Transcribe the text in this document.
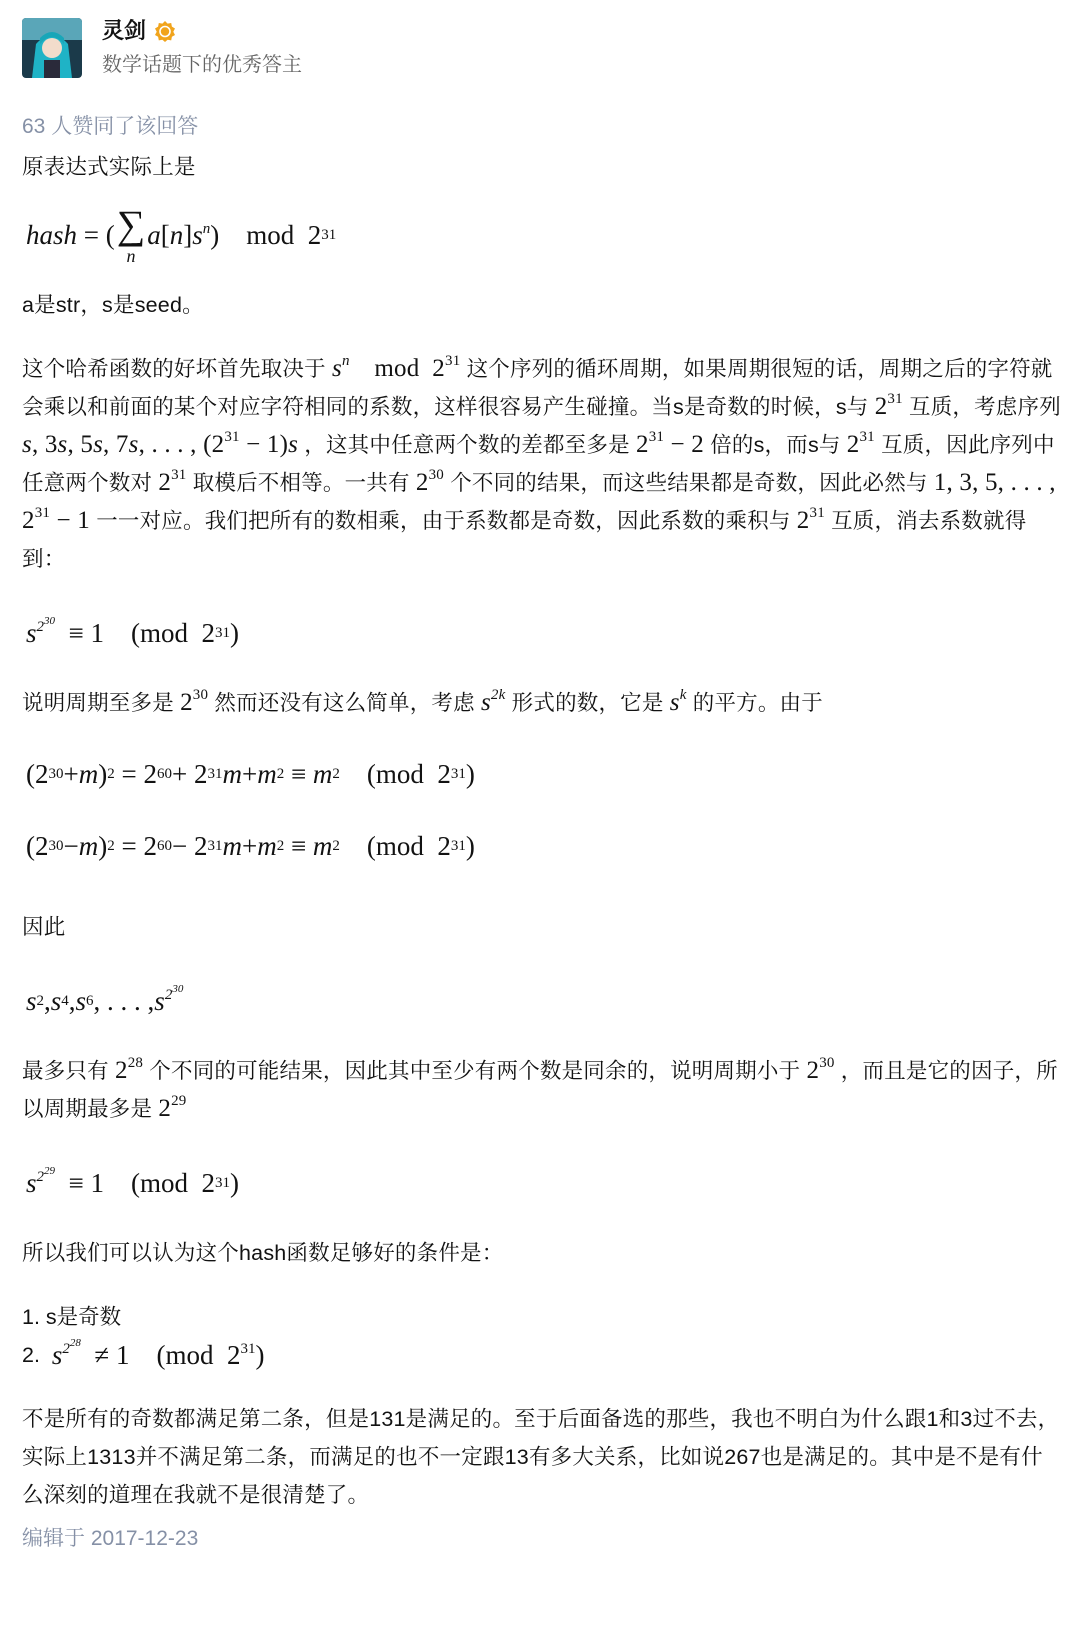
灵剑
数学话题下的优秀答主
63 人赞同了该回答

原表达式实际上是

hash = ( ∑
n
a [ n ] $s^n$ )    mod  2 31

a是str，s是seed。

这个哈希函数的好坏首先取决于 $s^n$ mod  $2^{31}$ 这个序列的循环周期，如果周期很短的话，周期之后的字符就会乘以和前面的某个对应字符相同的系数，这样很容易产生碰撞。当s是奇数的时候，s与 $2^{31}$ 互质，考虑序列 s, 3s, 5s, 7s, . . . , $(2^{31} - 1)s$ ，这其中任意两个数的差都至多是 $2^{31} - 2$ 倍的s，而s与 $2^{31}$ 互质，因此序列中任意两个数对 $2^{31}$ 取模后不相等。一共有 $2^{30}$ 个不同的结果，而这些结果都是奇数，因此必然与 1, 3, 5, . . . , $2^{31} - 1$ 一一对应。我们把所有的数相乘，由于系数都是奇数，因此系数的乘积与 $2^{31}$ 互质，消去系数就得到：

$s^{2^{30}} \equiv 1$    (mod  2 31 )

说明周期至多是 $2^{30}$ 然而还没有这么简单，考虑 $s^{2k}$ 形式的数，它是 $s^k$ 的平方。由于

(2 30 + m ) 2 = 2 60 + 2 31 m + m 2 ≡ m 2 (mod  2 31 )
(2 30 − m ) 2 = 2 60 − 2 31 m + m 2 ≡ m 2 (mod  2 31 )

因此

s 2 , s 4 , s 6 , . . . , $s^{2^{30}}$

最多只有 $2^{28}$ 个不同的可能结果，因此其中至少有两个数是同余的，说明周期小于 $2^{30}$ ，而且是它的因子，所以周期最多是 $2^{29}$

$s^{2^{29}} \equiv 1$    (mod  2 31 )

所以我们可以认为这个hash函数足够好的条件是：

1. s是奇数
2.
$s^{2^{28}} \ne 1$    (mod  $2^{31}$)

不是所有的奇数都满足第二条，但是131是满足的。至于后面备选的那些，我也不明白为什么跟1和3过不去，实际上1313并不满足第二条，而满足的也不一定跟13有多大关系，比如说267也是满足的。其中是不是有什么深刻的道理在我就不是很清楚了。

编辑于 2017-12-23
